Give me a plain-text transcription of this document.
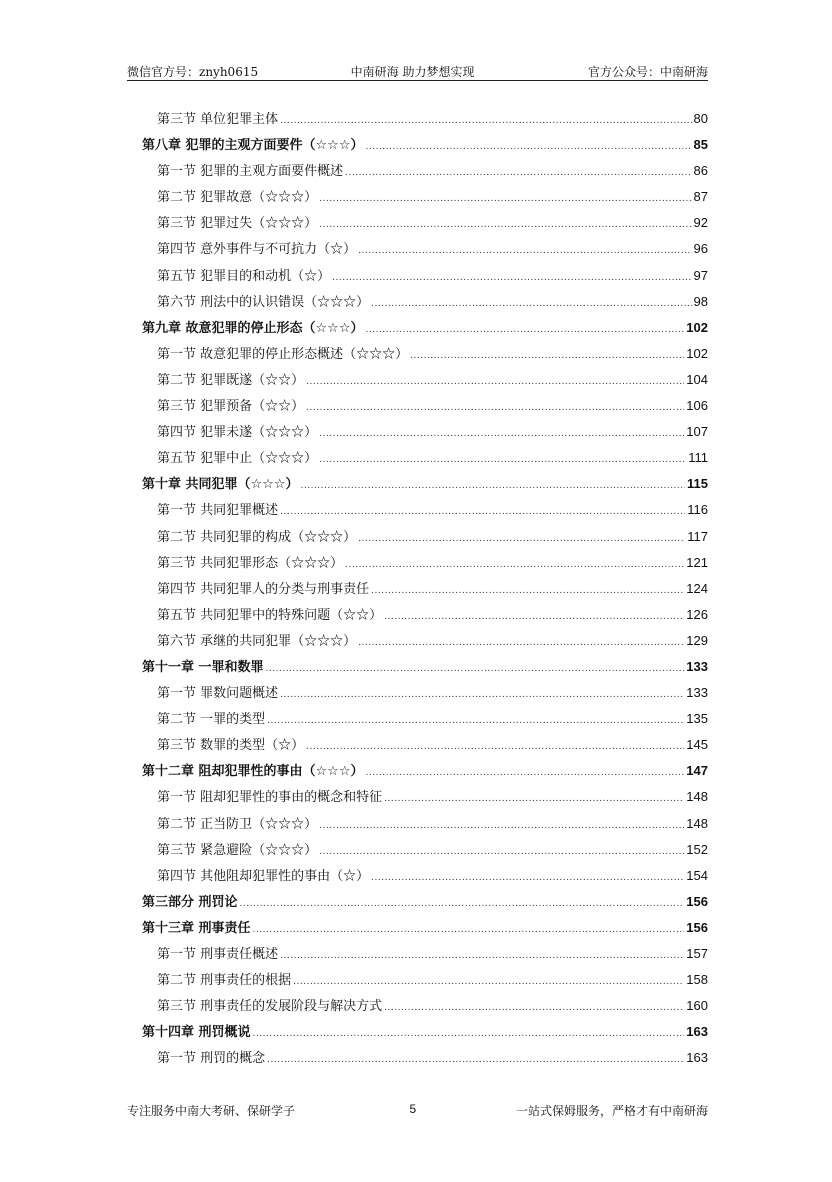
微信官方号：znyh0615	中南研海 助力梦想实现	官方公众号：中南研海
第三节 单位犯罪主体 .....	80
第八章 犯罪的主观方面要件（☆☆☆） .....	85
第一节 犯罪的主观方面要件概述 .....	86
第二节 犯罪故意（☆☆☆） .....	87
第三节 犯罪过失（☆☆☆） .....	92
第四节 意外事件与不可抗力（☆） .....	96
第五节 犯罪目的和动机（☆） .....	97
第六节 刑法中的认识错误（☆☆☆） .....	98
第九章 故意犯罪的停止形态（☆☆☆） .....	102
第一节 故意犯罪的停止形态概述（☆☆☆） .....	102
第二节 犯罪既遂（☆☆） .....	104
第三节 犯罪预备（☆☆） .....	106
第四节 犯罪未遂（☆☆☆） .....	107
第五节 犯罪中止（☆☆☆） .....	111
第十章 共同犯罪（☆☆☆） .....	115
第一节 共同犯罪概述 .....	116
第二节 共同犯罪的构成（☆☆☆） .....	117
第三节 共同犯罪形态（☆☆☆） .....	121
第四节 共同犯罪人的分类与刑事责任 .....	124
第五节 共同犯罪中的特殊问题（☆☆） .....	126
第六节 承继的共同犯罪（☆☆☆） .....	129
第十一章 一罪和数罪 .....	133
第一节 罪数问题概述 .....	133
第二节 一罪的类型 .....	135
第三节 数罪的类型（☆） .....	145
第十二章 阻却犯罪性的事由（☆☆☆） .....	147
第一节 阻却犯罪性的事由的概念和特征 .....	148
第二节 正当防卫（☆☆☆） .....	148
第三节 紧急避险（☆☆☆） .....	152
第四节 其他阻却犯罪性的事由（☆） .....	154
第三部分 刑罚论 .....	156
第十三章 刑事责任 .....	156
第一节 刑事责任概述 .....	157
第二节 刑事责任的根据 .....	158
第三节 刑事责任的发展阶段与解决方式 .....	160
第十四章 刑罚概说 .....	163
第一节 刑罚的概念 .....	163
专注服务中南大考研、保研学子	5	一站式保姆服务，严格才有中南研海
